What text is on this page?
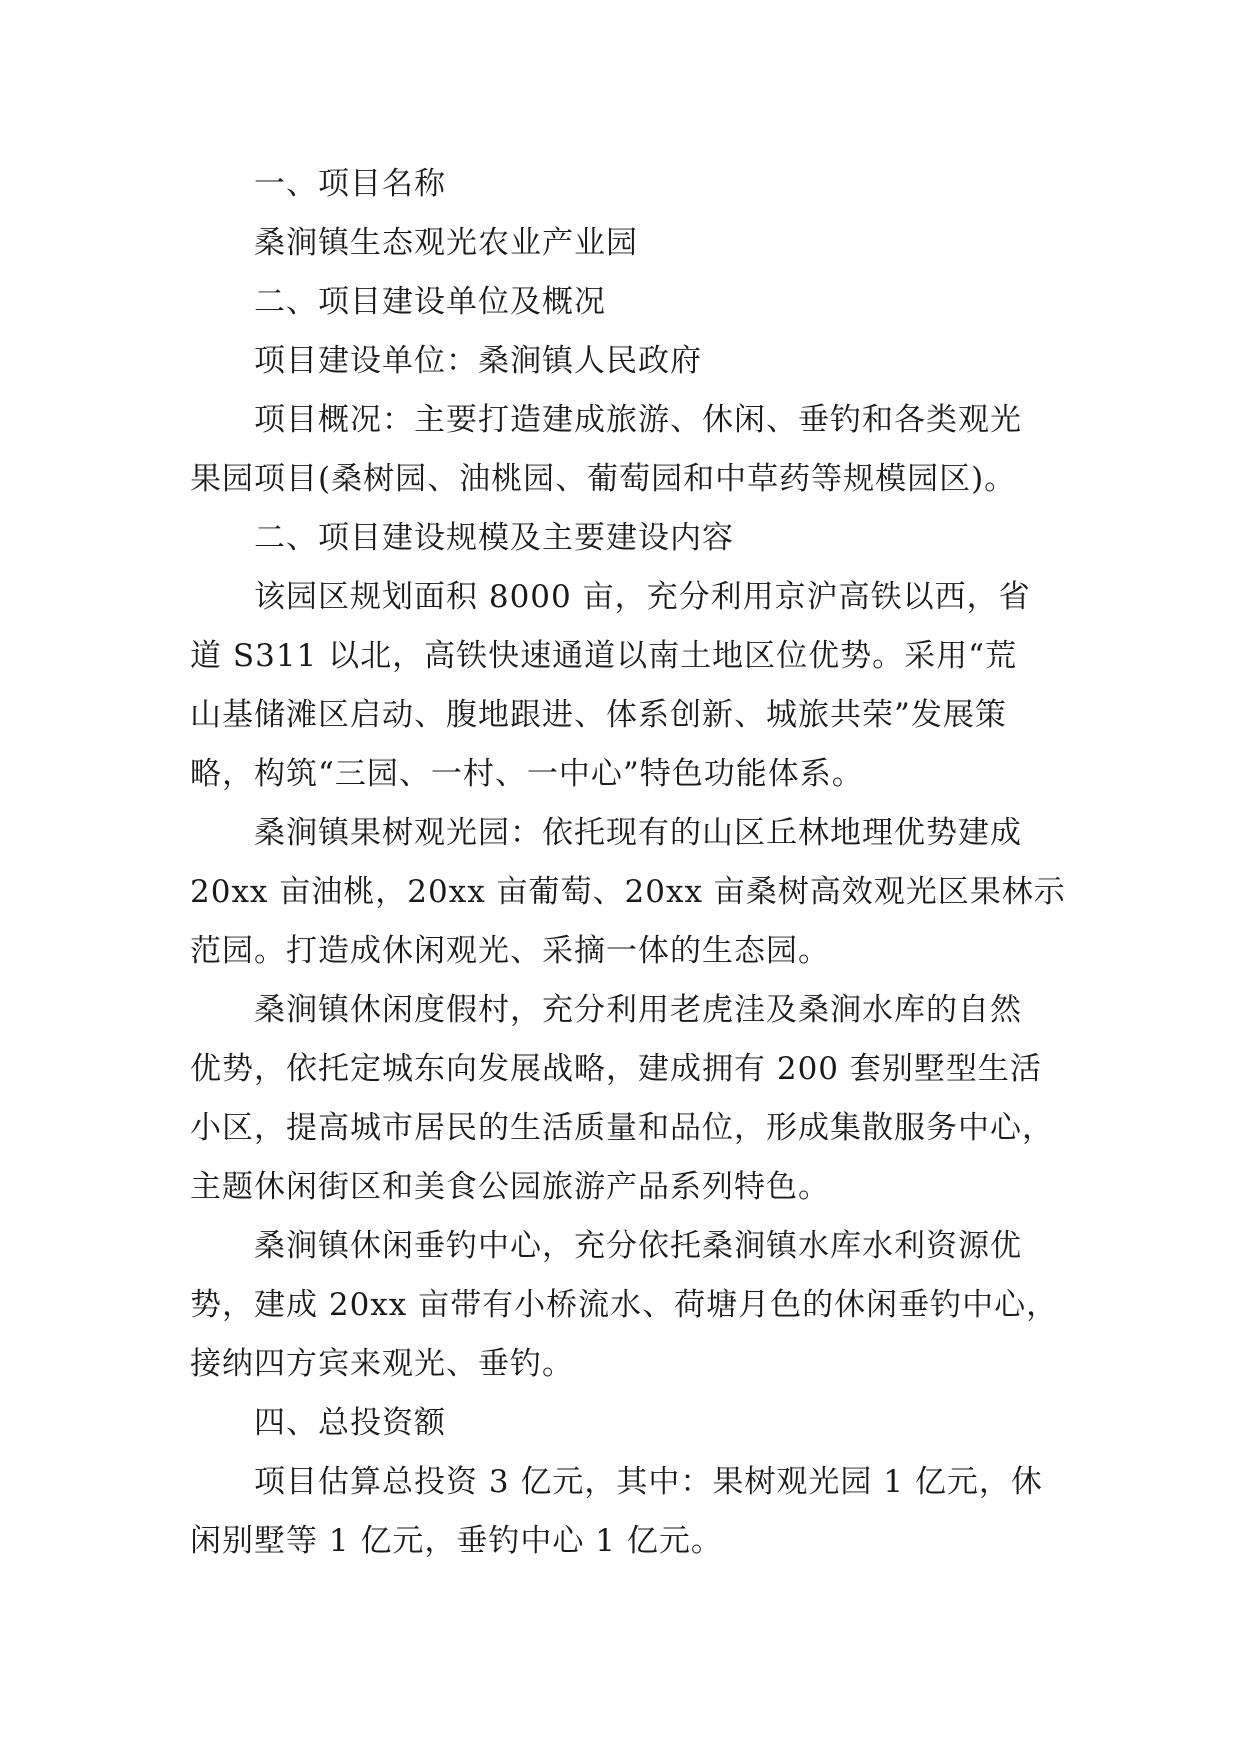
一、项目名称
桑涧镇生态观光农业产业园
二、项目建设单位及概况
项目建设单位：桑涧镇人民政府
项目概况：主要打造建成旅游、休闲、垂钓和各类观光
果园项目(桑树园、油桃园、葡萄园和中草药等规模园区)。
二、项目建设规模及主要建设内容
该园区规划面积 8000 亩，充分利用京沪高铁以西，省
道 S311 以北，高铁快速通道以南土地区位优势。采用“荒
山基储滩区启动、腹地跟进、体系创新、城旅共荣”发展策
略，构筑“三园、一村、一中心”特色功能体系。
桑涧镇果树观光园：依托现有的山区丘林地理优势建成
20xx 亩油桃，20xx 亩葡萄、20xx 亩桑树高效观光区果林示
范园。打造成休闲观光、采摘一体的生态园。
桑涧镇休闲度假村，充分利用老虎洼及桑涧水库的自然
优势，依托定城东向发展战略，建成拥有 200 套别墅型生活
小区，提高城市居民的生活质量和品位，形成集散服务中心，
主题休闲街区和美食公园旅游产品系列特色。
桑涧镇休闲垂钓中心，充分依托桑涧镇水库水利资源优
势，建成 20xx 亩带有小桥流水、荷塘月色的休闲垂钓中心，
接纳四方宾来观光、垂钓。
四、总投资额
项目估算总投资 3 亿元，其中：果树观光园 1 亿元，休
闲别墅等 1 亿元，垂钓中心 1 亿元。
